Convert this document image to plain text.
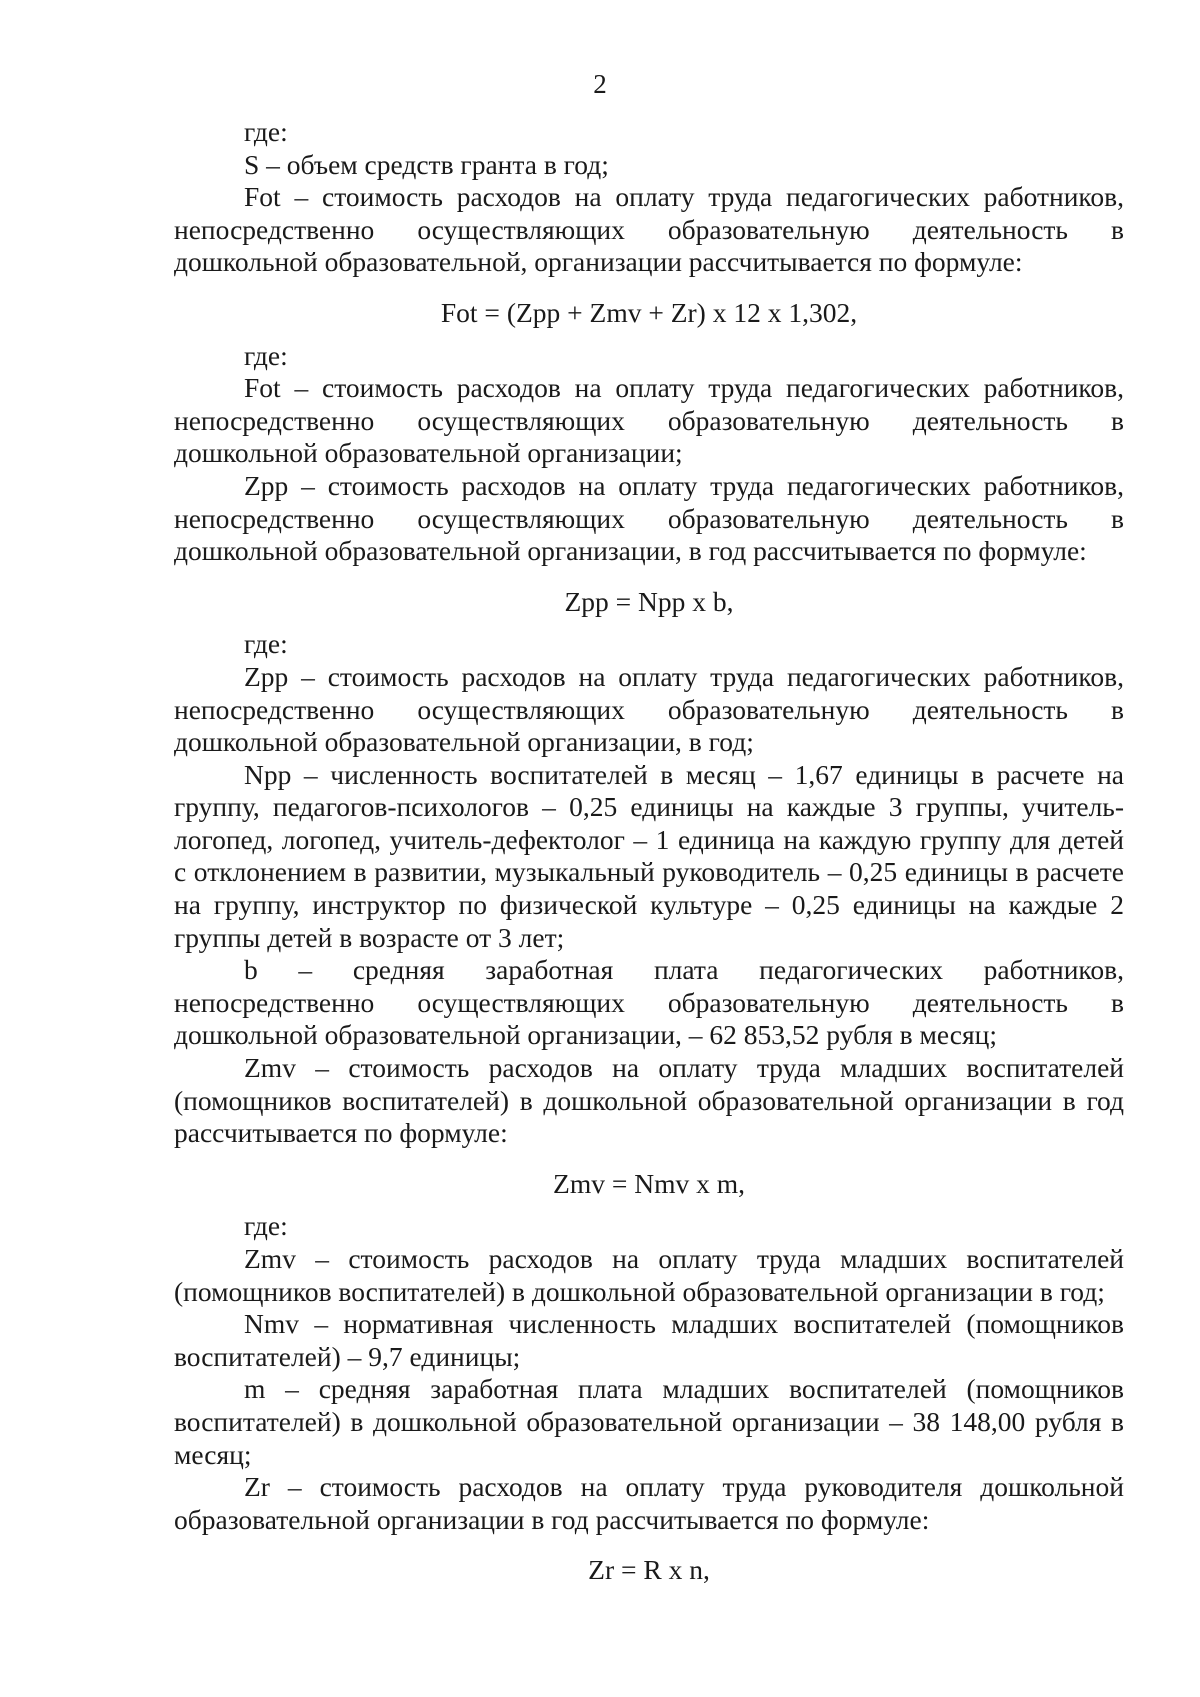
2

где:

S – объем средств гранта в год;

Fot – стоимость расходов на оплату труда педагогических работников, непосредственно осуществляющих образовательную деятельность в дошкольной образовательной, организации рассчитывается по формуле:

Fot = (Zpp + Zmv + Zr) x 12 x 1,302,

где:

Fot – стоимость расходов на оплату труда педагогических работников, непосредственно осуществляющих образовательную деятельность в дошкольной образовательной организации;

Zpp – стоимость расходов на оплату труда педагогических работников, непосредственно осуществляющих образовательную деятельность в дошкольной образовательной организации, в год рассчитывается по формуле:

Zpp = Npp x b,

где:

Zpp – стоимость расходов на оплату труда педагогических работников, непосредственно осуществляющих образовательную деятельность в дошкольной образовательной организации, в год;

Npp – численность воспитателей в месяц – 1,67 единицы в расчете на группу, педагогов-психологов – 0,25 единицы на каждые 3 группы, учитель-логопед, логопед, учитель-дефектолог – 1 единица на каждую группу для детей с отклонением в развитии, музыкальный руководитель – 0,25 единицы в расчете на группу, инструктор по физической культуре – 0,25 единицы на каждые 2 группы детей в возрасте от 3 лет;

b – средняя заработная плата педагогических работников, непосредственно осуществляющих образовательную деятельность в дошкольной образовательной организации, – 62 853,52 рубля в месяц;

Zmv – стоимость расходов на оплату труда младших воспитателей (помощников воспитателей) в дошкольной образовательной организации в год рассчитывается по формуле:

Zmv = Nmv x m,

где:

Zmv – стоимость расходов на оплату труда младших воспитателей (помощников воспитателей) в дошкольной образовательной организации в год;

Nmv – нормативная численность младших воспитателей (помощников воспитателей) – 9,7 единицы;

m – средняя заработная плата младших воспитателей (помощников воспитателей) в дошкольной образовательной организации – 38 148,00 рубля в месяц;

Zr – стоимость расходов на оплату труда руководителя дошкольной образовательной организации в год рассчитывается по формуле:

Zr = R x n,
